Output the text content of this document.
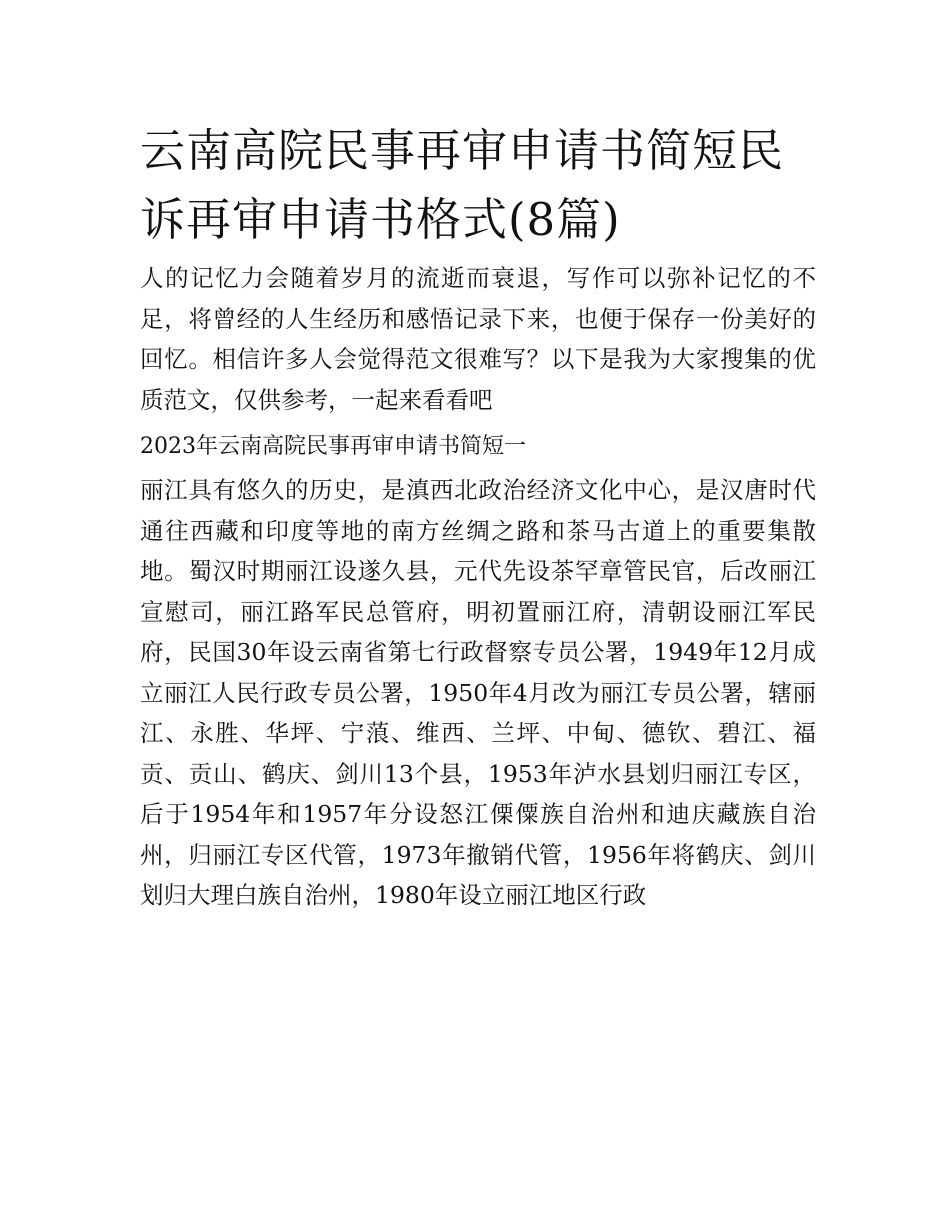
云南高院民事再审申请书简短民诉再审申请书格式(8篇)

人的记忆力会随着岁月的流逝而衰退，写作可以弥补记忆的不足，将曾经的人生经历和感悟记录下来，也便于保存一份美好的回忆。相信许多人会觉得范文很难写？以下是我为大家搜集的优质范文，仅供参考，一起来看看吧

2023年云南高院民事再审申请书简短一

丽江具有悠久的历史，是滇西北政治经济文化中心，是汉唐时代通往西藏和印度等地的南方丝绸之路和茶马古道上的重要集散地。蜀汉时期丽江设遂久县，元代先设茶罕章管民官，后改丽江宣慰司，丽江路军民总管府，明初置丽江府，清朝设丽江军民府，民国30年设云南省第七行政督察专员公署，1949年12月成立丽江人民行政专员公署，1950年4月改为丽江专员公署，辖丽江、永胜、华坪、宁蒗、维西、兰坪、中甸、德钦、碧江、福贡、贡山、鹤庆、剑川13个县，1953年泸水县划归丽江专区，后于1954年和1957年分设怒江傈僳族自治州和迪庆藏族自治州，归丽江专区代管，1973年撤销代管，1956年将鹤庆、剑川划归大理白族自治州，1980年设立丽江地区行政
